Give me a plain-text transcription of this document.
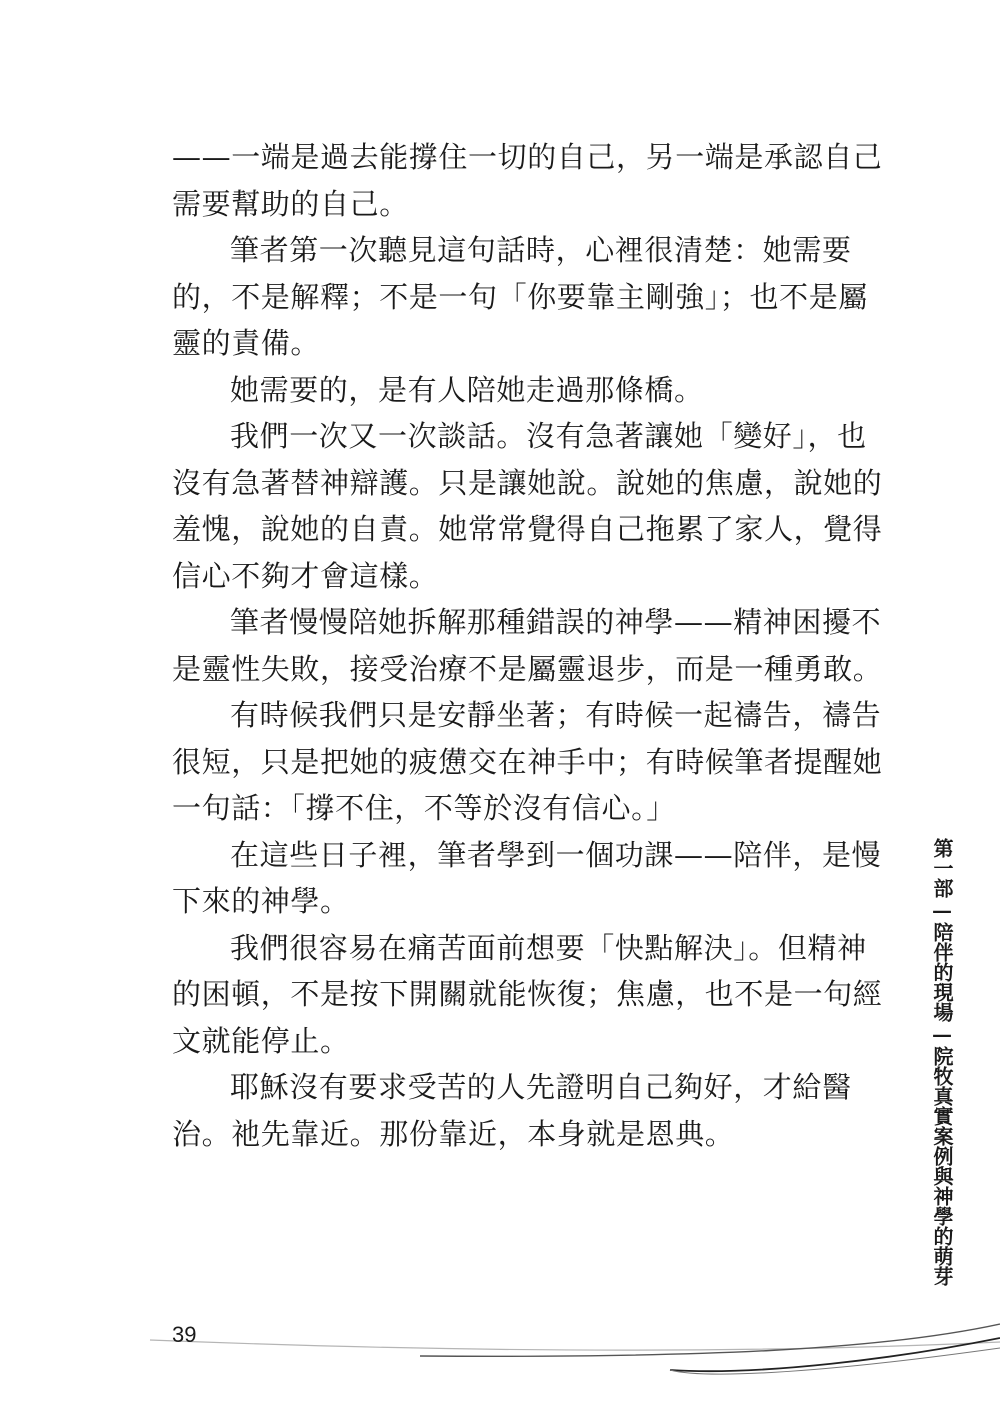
——一端是過去能撐住一切的自己，另一端是承認自己
需要幫助的自己。
筆者第一次聽見這句話時，心裡很清楚：她需要
的，不是解釋；不是一句「你要靠主剛強」；也不是屬
靈的責備。
她需要的，是有人陪她走過那條橋。
我們一次又一次談話。沒有急著讓她「變好」，也
沒有急著替神辯護。只是讓她說。說她的焦慮，說她的
羞愧，說她的自責。她常常覺得自己拖累了家人，覺得
信心不夠才會這樣。
筆者慢慢陪她拆解那種錯誤的神學——精神困擾不
是靈性失敗，接受治療不是屬靈退步，而是一種勇敢。
有時候我們只是安靜坐著；有時候一起禱告，禱告
很短，只是把她的疲憊交在神手中；有時候筆者提醒她
一句話：「撐不住，不等於沒有信心。」
在這些日子裡，筆者學到一個功課——陪伴，是慢
下來的神學。
我們很容易在痛苦面前想要「快點解決」。但精神
的困頓，不是按下開關就能恢復；焦慮，也不是一句經
文就能停止。
耶穌沒有要求受苦的人先證明自己夠好，才給醫
治。祂先靠近。那份靠近，本身就是恩典。	第一部—陪伴的現場—院牧真實案例與神學的萌芽
39
